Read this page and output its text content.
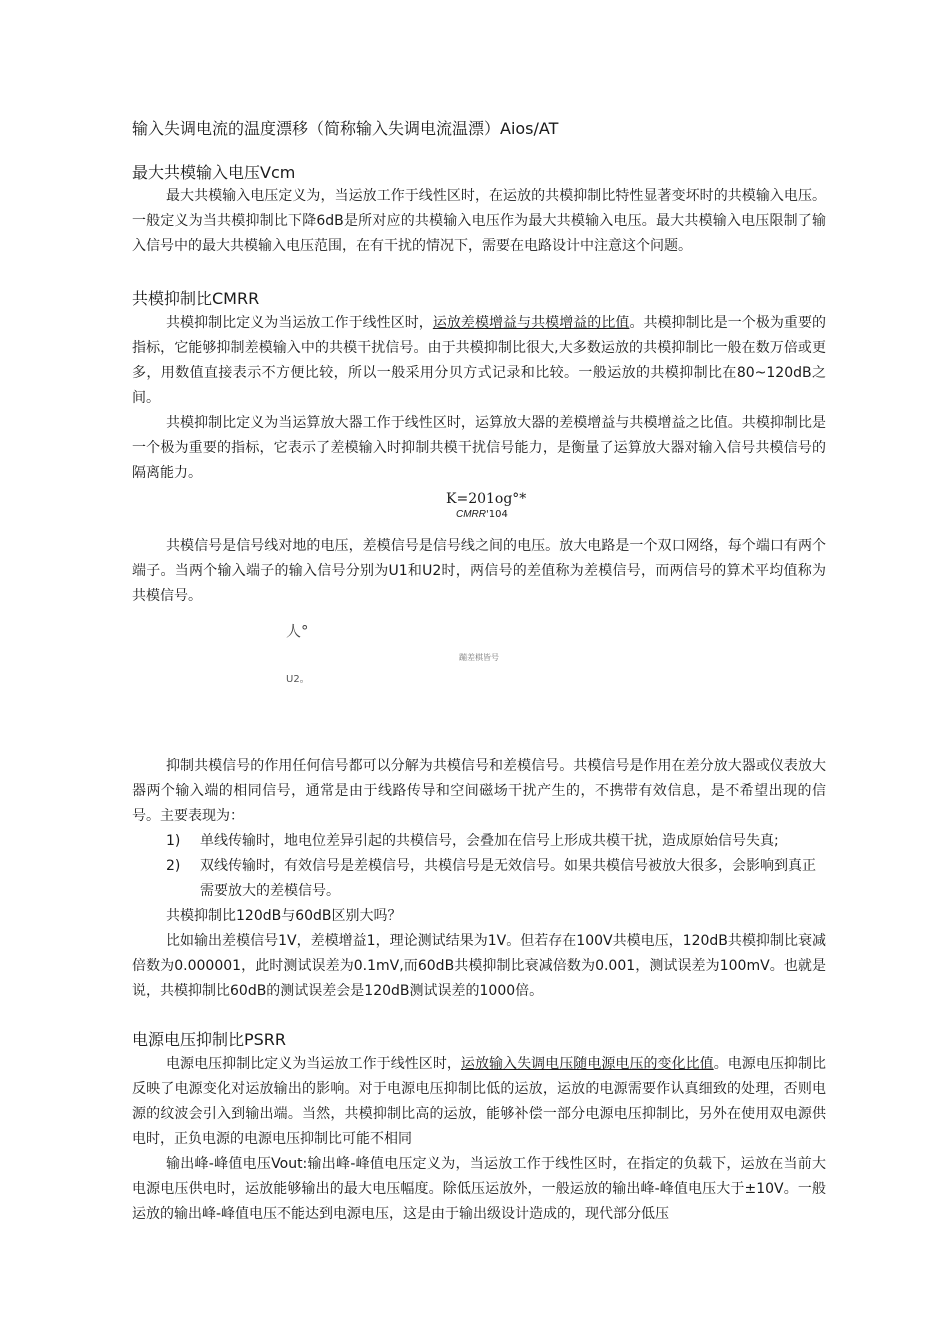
输入失调电流的温度漂移（简称输入失调电流温漂）Aios/AT
最大共模输入电压Vcm
最大共模输入电压定义为，当运放工作于线性区时，在运放的共模抑制比特性显著变坏时的共模输入电压。一般定义为当共模抑制比下降6dB是所对应的共模输入电压作为最大共模输入电压。最大共模输入电压限制了输入信号中的最大共模输入电压范围，在有干扰的情况下，需要在电路设计中注意这个问题。
共模抑制比CMRR
共模抑制比定义为当运放工作于线性区时，运放差模增益与共模增益的比值。共模抑制比是一个极为重要的指标，它能够抑制差模输入中的共模干扰信号。由于共模抑制比很大,大多数运放的共模抑制比一般在数万倍或更多，用数值直接表示不方便比较，所以一般采用分贝方式记录和比较。一般运放的共模抑制比在80~120dB之间。
共模抑制比定义为当运算放大器工作于线性区时，运算放大器的差模增益与共模增益之比值。共模抑制比是一个极为重要的指标，它表示了差模输入时抑制共模干扰信号能力，是衡量了运算放大器对输入信号共模信号的隔离能力。
K=201og°*
CMRR'104
共模信号是信号线对地的电压，差模信号是信号线之间的电压。放大电路是一个双口网络，每个端口有两个端子。当两个输入端子的输入信号分别为U1和U2时，两信号的差值称为差模信号，而两信号的算术平均值称为共模信号。
人°
蹦差棋皆号
U2。
抑制共模信号的作用任何信号都可以分解为共模信号和差模信号。共模信号是作用在差分放大器或仪表放大器两个输入端的相同信号，通常是由于线路传导和空间磁场干扰产生的，不携带有效信息，是不希望出现的信号。主要表现为：
1) 单线传输时，地电位差异引起的共模信号，会叠加在信号上形成共模干扰，造成原始信号失真;
2) 双线传输时，有效信号是差模信号，共模信号是无效信号。如果共模信号被放大很多，会影响到真正需要放大的差模信号。
共模抑制比120dB与60dB区别大吗？
比如输出差模信号1V，差模增益1，理论测试结果为1V。但若存在100V共模电压，120dB共模抑制比衰减倍数为0.000001，此时测试误差为0.1mV,而60dB共模抑制比衰减倍数为0.001，测试误差为100mV。也就是说，共模抑制比60dB的测试误差会是120dB测试误差的1000倍。
电源电压抑制比PSRR
电源电压抑制比定义为当运放工作于线性区时，运放输入失调电压随电源电压的变化比值。电源电压抑制比反映了电源变化对运放输出的影响。对于电源电压抑制比低的运放，运放的电源需要作认真细致的处理，否则电源的纹波会引入到输出端。当然，共模抑制比高的运放，能够补偿一部分电源电压抑制比，另外在使用双电源供电时，正负电源的电源电压抑制比可能不相同
输出峰-峰值电压Vout:输出峰-峰值电压定义为，当运放工作于线性区时，在指定的负载下，运放在当前大电源电压供电时，运放能够输出的最大电压幅度。除低压运放外，一般运放的输出峰-峰值电压大于±10V。一般运放的输出峰-峰值电压不能达到电源电压，这是由于输出级设计造成的，现代部分低压
